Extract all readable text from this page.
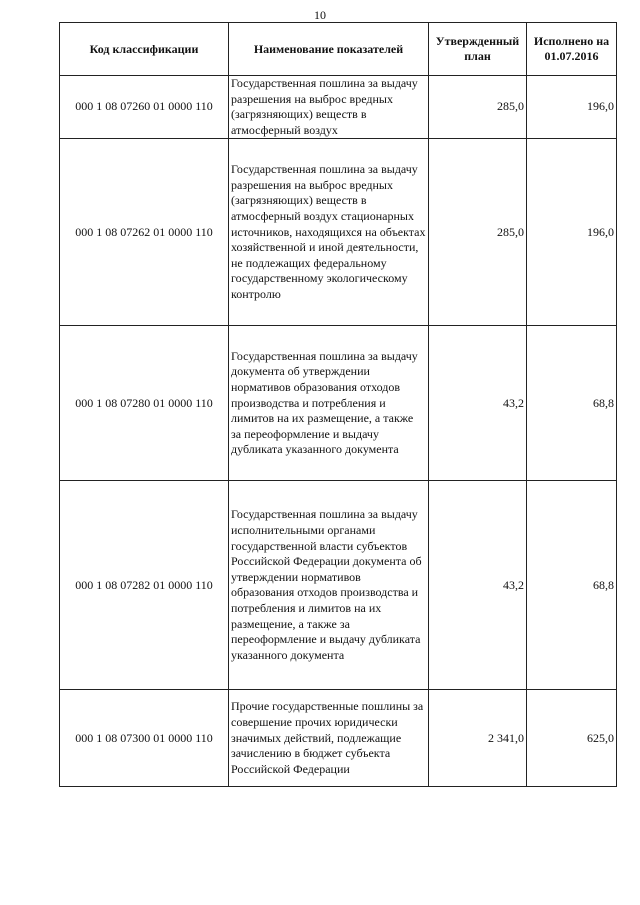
10
Код классификации	Наименование показателей	Утвержденный план	Исполнено на 01.07.2016
000 1 08 07260 01 0000 110	Государственная пошлина за выдачу разрешения на выброс вредных (загрязняющих) веществ в атмосферный воздух	285,0	196,0
000 1 08 07262 01 0000 110	Государственная пошлина за выдачу разрешения на выброс вредных (загрязняющих) веществ в атмосферный воздух стационарных источников, находящихся на объектах хозяйственной и иной деятельности, не подлежащих федеральному государственному экологическому контролю	285,0	196,0
000 1 08 07280 01 0000 110	Государственная пошлина за выдачу документа об утверждении нормативов образования отходов производства и потребления и лимитов на их размещение, а также за переоформление и выдачу дубликата указанного документа	43,2	68,8
000 1 08 07282 01 0000 110	Государственная пошлина за выдачу исполнительными органами государственной власти субъектов Российской Федерации документа об утверждении нормативов образования отходов производства и потребления и лимитов на их размещение, а также за переоформление и выдачу дубликата указанного документа	43,2	68,8
000 1 08 07300 01 0000 110	Прочие государственные пошлины за совершение прочих юридически значимых действий, подлежащие зачислению в бюджет субъекта Российской Федерации	2 341,0	625,0
